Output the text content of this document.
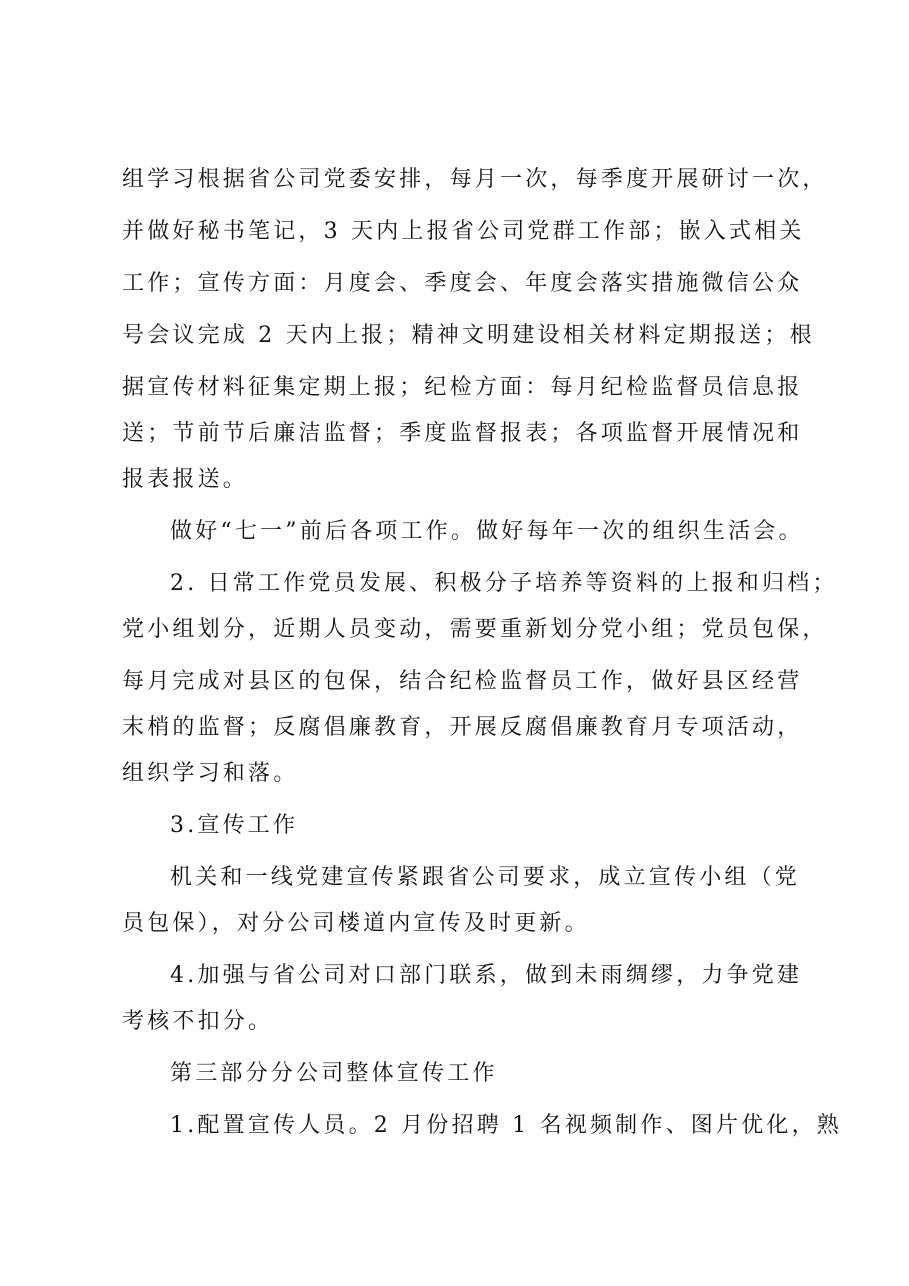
组学习根据省公司党委安排，每月一次，每季度开展研讨一次，
并做好秘书笔记，3 天内上报省公司党群工作部；嵌入式相关
工作；宣传方面：月度会、季度会、年度会落实措施微信公众
号会议完成 2 天内上报；精神文明建设相关材料定期报送；根
据宣传材料征集定期上报；纪检方面：每月纪检监督员信息报
送；节前节后廉洁监督；季度监督报表；各项监督开展情况和
报表报送。
做好“七一”前后各项工作。做好每年一次的组织生活会。
2. 日常工作党员发展、积极分子培养等资料的上报和归档；
党小组划分，近期人员变动，需要重新划分党小组；党员包保，
每月完成对县区的包保，结合纪检监督员工作，做好县区经营
末梢的监督；反腐倡廉教育，开展反腐倡廉教育月专项活动，
组织学习和落。
3.宣传工作
机关和一线党建宣传紧跟省公司要求，成立宣传小组（党
员包保），对分公司楼道内宣传及时更新。
4.加强与省公司对口部门联系，做到未雨绸缪，力争党建
考核不扣分。
第三部分分公司整体宣传工作
1.配置宣传人员。2 月份招聘 1 名视频制作、图片优化，熟
